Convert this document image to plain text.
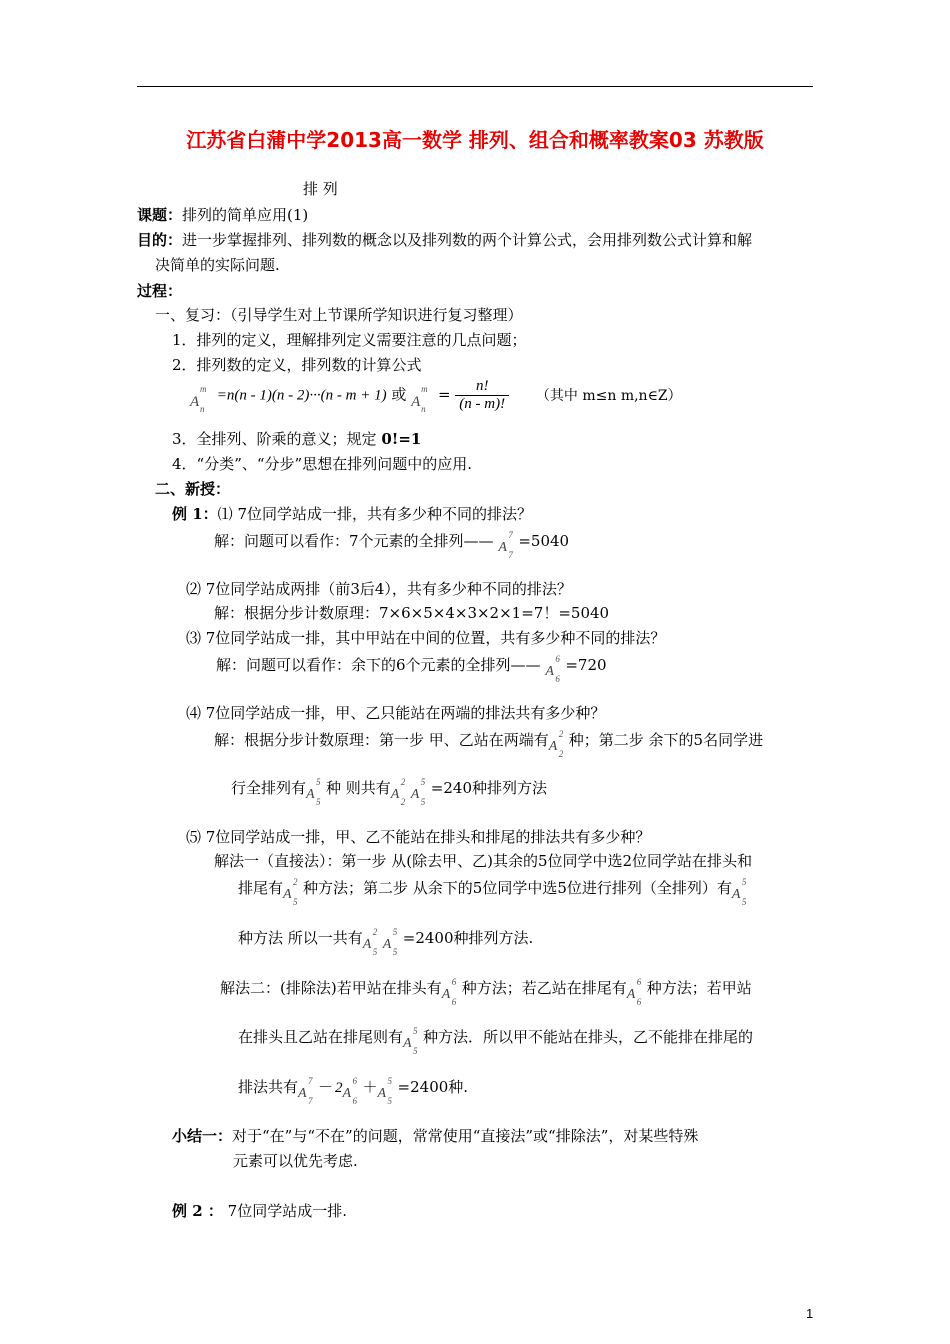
江苏省白蒲中学2013高一数学 排列、组合和概率教案03 苏教版
排 列
课题：排列的简单应用(1)
目的：进一步掌握排列、排列数的概念以及排列数的两个计算公式，会用排列数公式计算和解
决简单的实际问题.
过程：
一、复习：（引导学生对上节课所学知识进行复习整理）
1．排列的定义，理解排列定义需要注意的几点问题；
2．排列数的定义，排列数的计算公式
A
m
n
=n(n - 1)(n - 2)···(n - m + 1) 或 A
m
n
= $\frac{n!}{(n - m)!}$ （其中 m≤n m,n∈Z）
3．全排列、阶乘的意义；规定 0!=1
4．“分类”、“分步”思想在排列问题中的应用.
二、新授：
例 1：⑴ 7位同学站成一排，共有多少种不同的排法？
解：问题可以看作：7个元素的全排列—— A
7
7
=5040
⑵ 7位同学站成两排（前3后4），共有多少种不同的排法？
解：根据分步计数原理：7×6×5×4×3×2×1=7！=5040
⑶ 7位同学站成一排，其中甲站在中间的位置，共有多少种不同的排法？
解：问题可以看作：余下的6个元素的全排列—— A
6
6
=720
⑷ 7位同学站成一排，甲、乙只能站在两端的排法共有多少种？
解：根据分步计数原理：第一步 甲、乙站在两端有 A
2
2
种；第二步 余下的5名同学进
行全排列有 A
5
5
种 则共有 A
2
2 A
5
5
=240种排列方法
⑸ 7位同学站成一排，甲、乙不能站在排头和排尾的排法共有多少种？
解法一（直接法）：第一步 从(除去甲、乙)其余的5位同学中选2位同学站在排头和
排尾有 A
2
5
种方法；第二步 从余下的5位同学中选5位进行排列（全排列）有 A
5
5
种方法 所以一共有 A
2
5 A
5
5
=2400种排列方法.
解法二：(排除法)若甲站在排头有 A
6
6
种方法；若乙站在排尾有 A
6
6
种方法；若甲站
在排头且乙站在排尾则有 A
5
5
种方法．所以甲不能站在排头，乙不能排在排尾的
排法共有 A
7
7
－ 2 A
6
6
＋ A
5
5
=2400种.
小结一：对于“在”与“不在”的问题，常常使用“直接法”或“排除法”，对某些特殊
元素可以优先考虑.
例 2 ： 7位同学站成一排.
1
